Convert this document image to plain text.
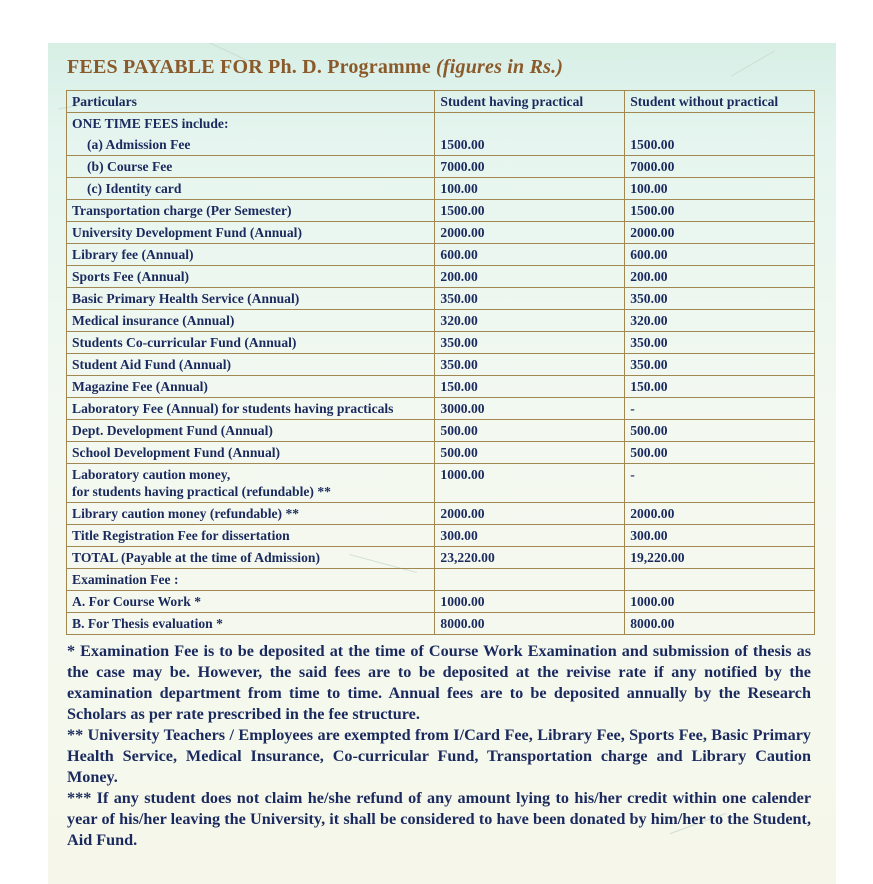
FEES PAYABLE FOR Ph. D. Programme (figures in Rs.)
Particulars	Student having practical	Student without practical
ONE TIME FEES include:		
(a) Admission Fee	1500.00	1500.00
(b) Course Fee	7000.00	7000.00
(c) Identity card	100.00	100.00
Transportation charge (Per Semester)	1500.00	1500.00
University Development Fund (Annual)	2000.00	2000.00
Library fee (Annual)	600.00	600.00
Sports Fee (Annual)	200.00	200.00
Basic Primary Health Service (Annual)	350.00	350.00
Medical insurance (Annual)	320.00	320.00
Students Co-curricular Fund (Annual)	350.00	350.00
Student Aid Fund (Annual)	350.00	350.00
Magazine Fee (Annual)	150.00	150.00
Laboratory Fee (Annual) for students having practicals	3000.00	-
Dept. Development Fund (Annual)	500.00	500.00
School Development Fund (Annual)	500.00	500.00
Laboratory caution money,
for students having practical (refundable) **	1000.00	-
Library caution money (refundable) **	2000.00	2000.00
Title Registration Fee for dissertation	300.00	300.00
TOTAL (Payable at the time of Admission)	23,220.00	19,220.00
Examination Fee :		
A. For Course Work *	1000.00	1000.00
B. For Thesis evaluation *	8000.00	8000.00

* Examination Fee is to be deposited at the time of Course Work Examination and submission of thesis as the case may be. However, the said fees are to be deposited at the reivise rate if any notified by the examination department from time to time. Annual fees are to be deposited annually by the Research Scholars as per rate prescribed in the fee structure.

** University Teachers / Employees are exempted from I/Card Fee, Library Fee, Sports Fee, Basic Primary Health Service, Medical Insurance, Co-curricular Fund, Transportation charge and Library Caution Money.

*** If any student does not claim he/she refund of any amount lying to his/her credit within one calender year of his/her leaving the University, it shall be considered to have been donated by him/her to the Student, Aid Fund.
